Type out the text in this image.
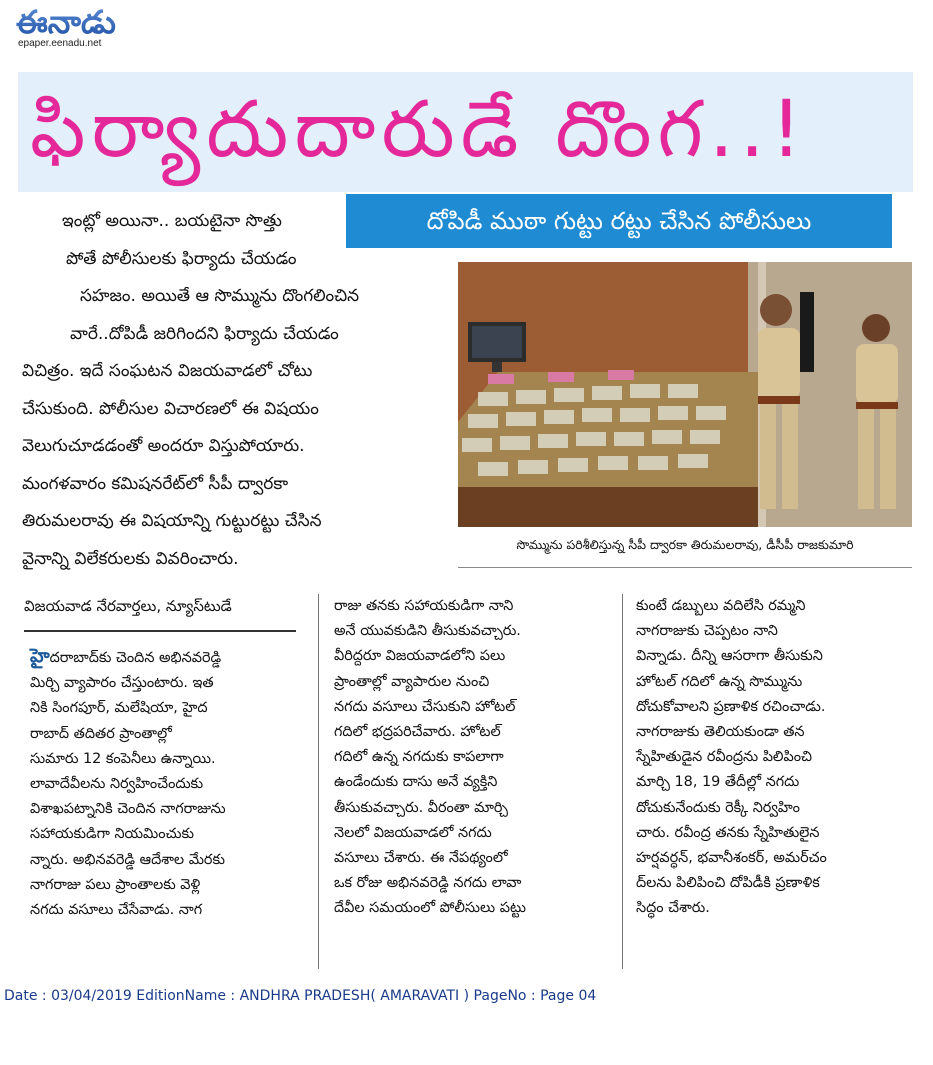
ఈనాడు
epaper.eenadu.net
ఫిర్యాదుదారుడే దొంగ..!
దోపిడీ ముఠా గుట్టు రట్టు చేసిన పోలీసులు

ఇంట్లో అయినా.. బయటైనా సొత్తు

పోతే పోలీసులకు ఫిర్యాదు చేయడం

సహజం. అయితే ఆ సొమ్మును దొంగలించిన

వారే..దోపిడీ జరిగిందని ఫిర్యాదు చేయడం

విచిత్రం. ఇదే సంఘటన విజయవాడలో చోటు

చేసుకుంది. పోలీసుల విచారణలో ఈ విషయం

వెలుగుచూడడంతో అందరూ విస్తుపోయారు.

మంగళవారం కమిషనరేట్‌లో సీపీ ద్వారకా

తిరుమలరావు ఈ విషయాన్ని గుట్టురట్టు చేసిన

వైనాన్ని విలేకరులకు వివరించారు.

సొమ్మును పరిశీలిస్తున్న సీపీ ద్వారకా తిరుమలరావు, డీసీపీ రాజకుమారి
విజయవాడ నేరవార్తలు, న్యూస్‌టుడే

హైదరాబాద్‌కు చెందిన అభినవరెడ్డి

మిర్చి వ్యాపారం చేస్తుంటారు. ఇత

నికి సింగపూర్, మలేషియా, హైద

రాబాద్ తదితర ప్రాంతాల్లో

సుమారు 12 కంపెనీలు ఉన్నాయి.

లావాదేవీలను నిర్వహించేందుకు

విశాఖపట్నానికి చెందిన నాగరాజును

సహాయకుడిగా నియమించుకు

న్నారు. అభినవరెడ్డి ఆదేశాల మేరకు

నాగరాజు పలు ప్రాంతాలకు వెళ్లి

నగదు వసూలు చేసేవాడు. నాగ

రాజు తనకు సహాయకుడిగా నాని

అనే యువకుడిని తీసుకువచ్చారు.

వీరిద్దరూ విజయవాడలోని పలు

ప్రాంతాల్లో వ్యాపారుల నుంచి

నగదు వసూలు చేసుకుని హోటల్

గదిలో భద్రపరిచేవారు. హోటల్

గదిలో ఉన్న నగదుకు కాపలాగా

ఉండేందుకు దాసు అనే వ్యక్తిని

తీసుకువచ్చారు. వీరంతా మార్చి

నెలలో విజయవాడలో నగదు

వసూలు చేశారు. ఈ నేపథ్యంలో

ఒక రోజు అభినవరెడ్డి నగదు లావా

దేవీల సమయంలో పోలీసులు పట్టు

కుంటే డబ్బులు వదిలేసి రమ్మని

నాగరాజుకు చెప్పటం నాని

విన్నాడు. దీన్ని ఆసరాగా తీసుకుని

హోటల్ గదిలో ఉన్న సొమ్మును

దోచుకోవాలని ప్రణాళిక రచించాడు.

నాగరాజుకు తెలియకుండా తన

స్నేహితుడైన రవీంద్రను పిలిపించి

మార్చి 18, 19 తేదీల్లో నగదు

దోచుకునేందుకు రెక్కీ నిర్వహిం

చారు. రవీంద్ర తనకు స్నేహితులైన

హర్షవర్ధన్, భవానీశంకర్, అమర్‌చం

ద్‌లను పిలిపించి దోపిడీకి ప్రణాళిక

సిద్ధం చేశారు.

Date : 03/04/2019 EditionName : ANDHRA PRADESH( AMARAVATI ) PageNo : Page 04
